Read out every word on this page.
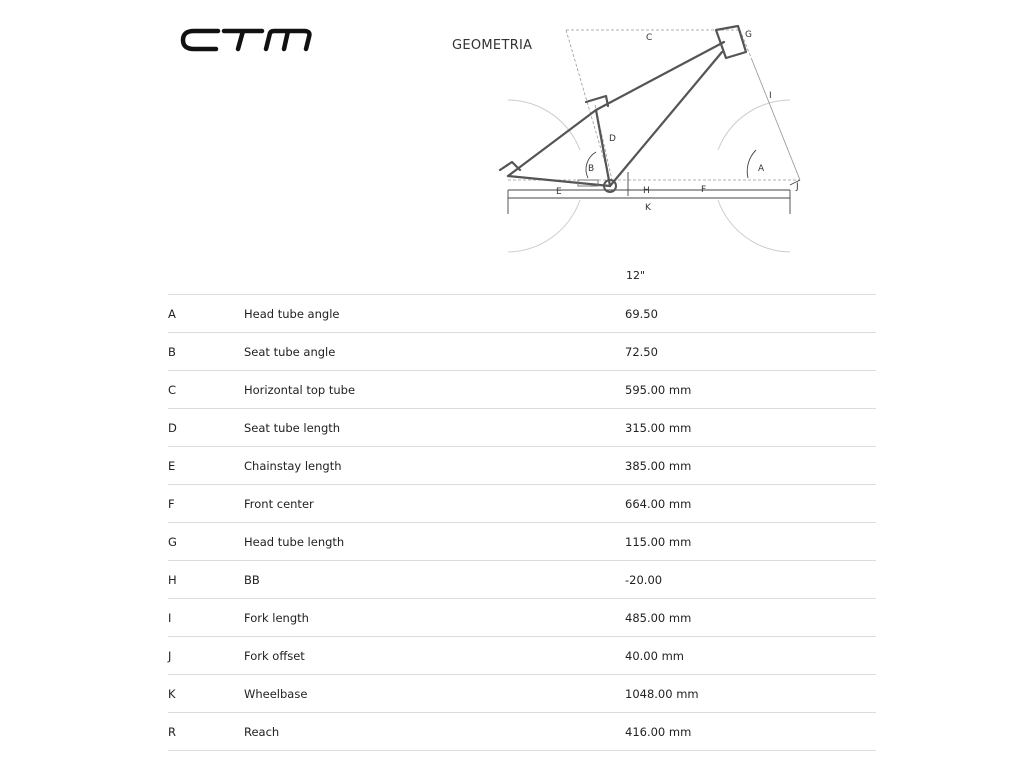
GEOMETRIA	C	G
I
D
B	A
H	F
E	J
K
12"
A	Head tube angle	69.50
B	Seat tube angle	72.50
C	Horizontal top tube	595.00 mm
D	Seat tube length	315.00 mm
E	Chainstay length	385.00 mm
F	Front center	664.00 mm
G	Head tube length	115.00 mm
H	BB	-20.00
I	Fork length	485.00 mm
J	Fork offset	40.00 mm
K	Wheelbase	1048.00 mm
R	Reach	416.00 mm
